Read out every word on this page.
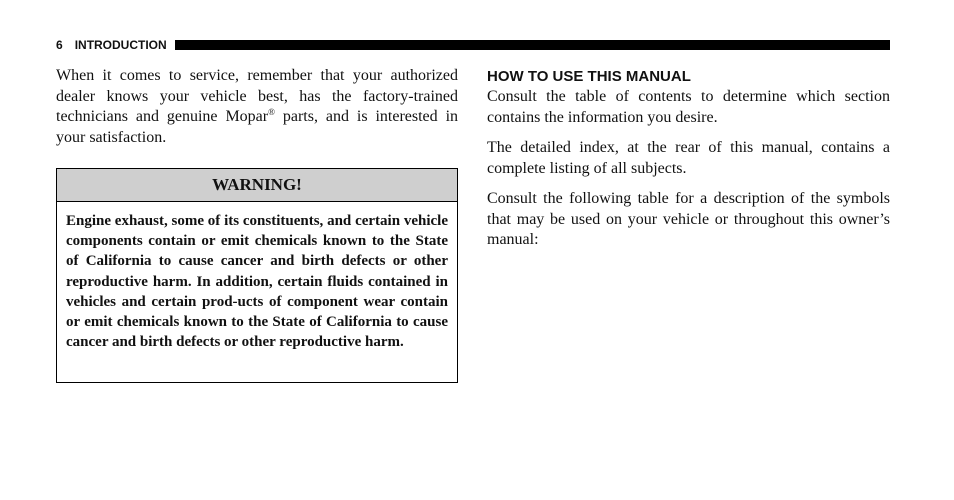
6 INTRODUCTION

When it comes to service, remember that your authorized dealer knows your vehicle best, has the factory-trained technicians and genuine Mopar® parts, and is interested in your satisfaction.

WARNING!
Engine exhaust, some of its constituents, and certain vehicle components contain or emit chemicals known to the State of California to cause cancer and birth defects or other reproductive harm. In addition, certain fluids contained in vehicles and certain prod-ucts of component wear contain or emit chemicals known to the State of California to cause cancer and birth defects or other reproductive harm.
HOW TO USE THIS MANUAL

Consult the table of contents to determine which section contains the information you desire.

The detailed index, at the rear of this manual, contains a complete listing of all subjects.

Consult the following table for a description of the symbols that may be used on your vehicle or throughout this owner’s manual:
